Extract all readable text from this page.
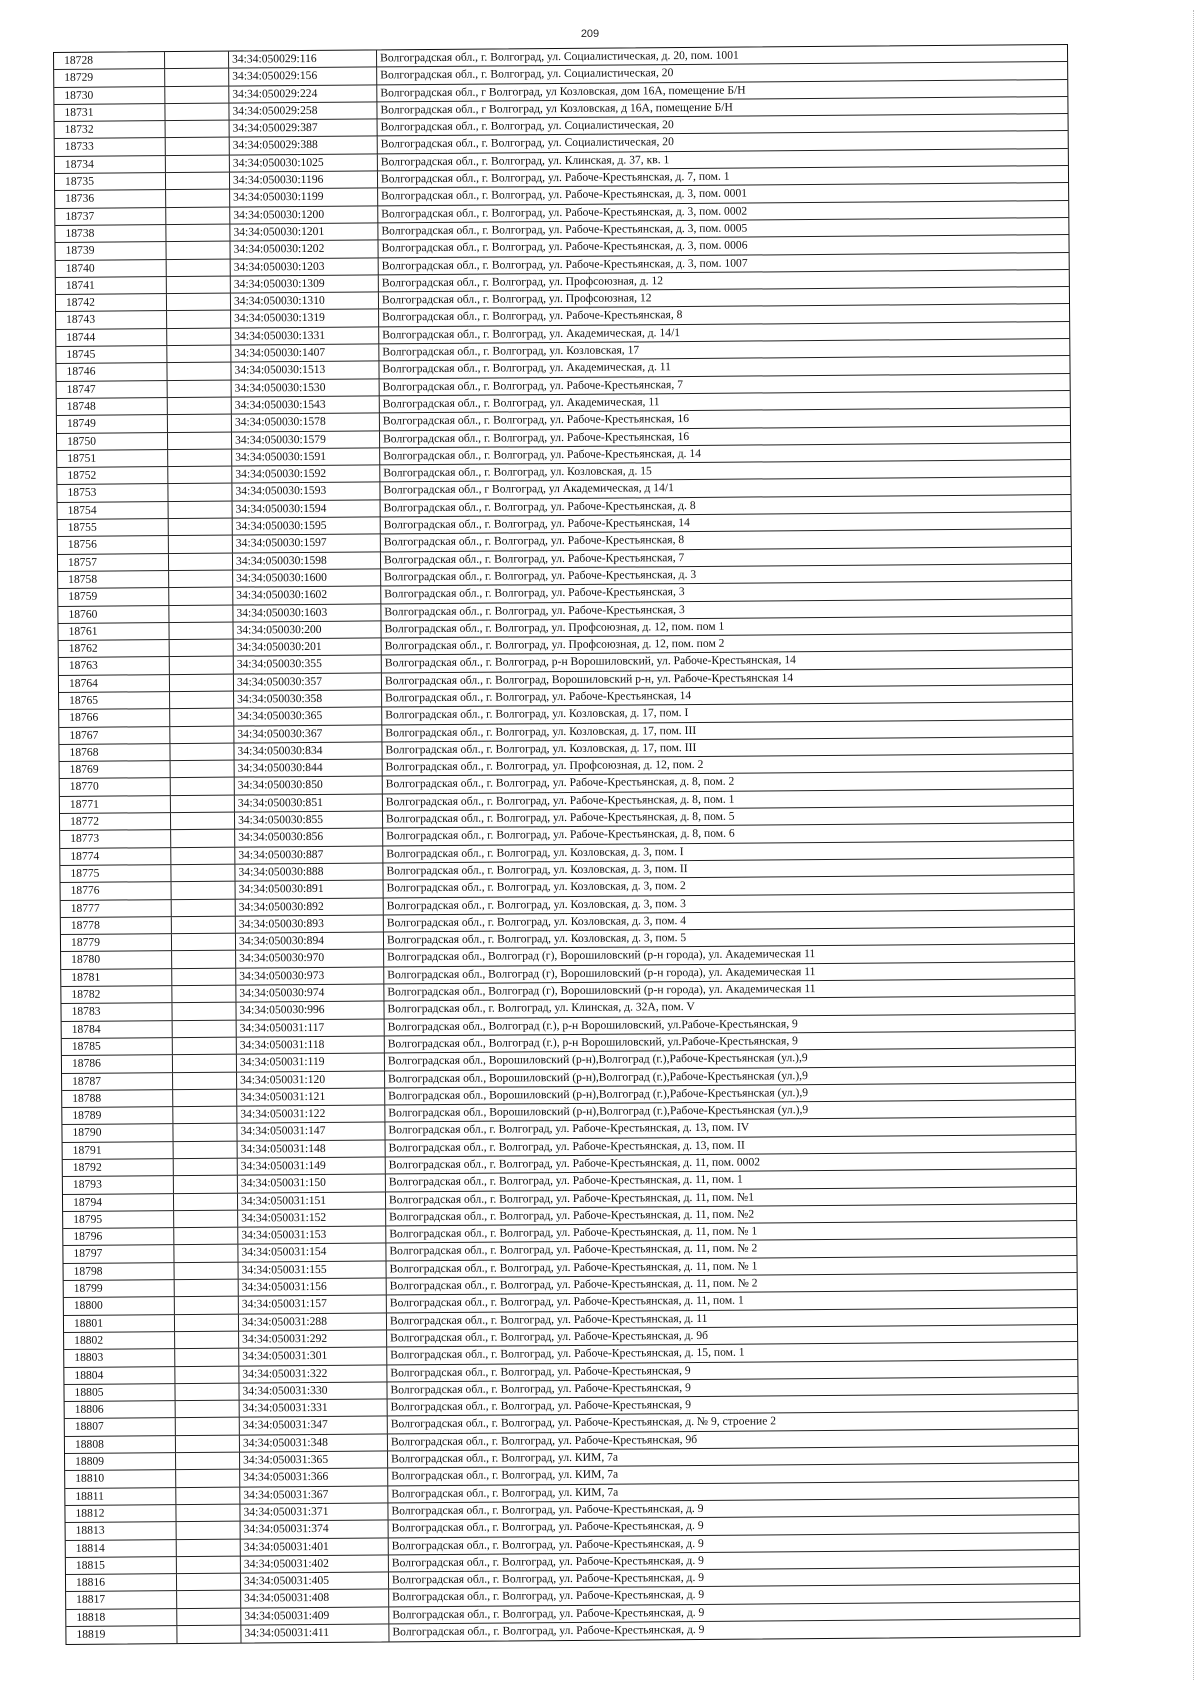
209
18728	34:34:050029:116	Волгоградская обл., г. Волгоград, ул. Социалистическая, д. 20, пом. 1001
18729	34:34:050029:156	Волгоградская обл., г. Волгоград, ул. Социалистическая, 20
18730	34:34:050029:224	Волгоградская обл., г Волгоград, ул Козловская, дом 16А, помещение Б/Н
18731	34:34:050029:258	Волгоградская обл., г Волгоград, ул Козловская, д 16А, помещение Б/Н
18732	34:34:050029:387	Волгоградская обл., г. Волгоград, ул. Социалистическая, 20
18733	34:34:050029:388	Волгоградская обл., г. Волгоград, ул. Социалистическая, 20
18734	34:34:050030:1025	Волгоградская обл., г. Волгоград, ул. Клинская, д. 37, кв. 1
18735	34:34:050030:1196	Волгоградская обл., г. Волгоград, ул. Рабоче-Крестьянская, д. 7, пом. 1
18736	34:34:050030:1199	Волгоградская обл., г. Волгоград, ул. Рабоче-Крестьянская, д. 3, пом. 0001
18737	34:34:050030:1200	Волгоградская обл., г. Волгоград, ул. Рабоче-Крестьянская, д. 3, пом. 0002
18738	34:34:050030:1201	Волгоградская обл., г. Волгоград, ул. Рабоче-Крестьянская, д. 3, пом. 0005
18739	34:34:050030:1202	Волгоградская обл., г. Волгоград, ул. Рабоче-Крестьянская, д. 3, пом. 0006
18740	34:34:050030:1203	Волгоградская обл., г. Волгоград, ул. Рабоче-Крестьянская, д. 3, пом. 1007
18741	34:34:050030:1309	Волгоградская обл., г. Волгоград, ул. Профсоюзная, д. 12
18742	34:34:050030:1310	Волгоградская обл., г. Волгоград, ул. Профсоюзная, 12
18743	34:34:050030:1319	Волгоградская обл., г. Волгоград, ул. Рабоче-Крестьянская, 8
18744	34:34:050030:1331	Волгоградская обл., г. Волгоград, ул. Академическая, д. 14/1
18745	34:34:050030:1407	Волгоградская обл., г. Волгоград, ул. Козловская, 17
18746	34:34:050030:1513	Волгоградская обл., г. Волгоград, ул. Академическая, д. 11
18747	34:34:050030:1530	Волгоградская обл., г. Волгоград, ул. Рабоче-Крестьянская, 7
18748	34:34:050030:1543	Волгоградская обл., г. Волгоград, ул. Академическая, 11
18749	34:34:050030:1578	Волгоградская обл., г. Волгоград, ул. Рабоче-Крестьянская, 16
18750	34:34:050030:1579	Волгоградская обл., г. Волгоград, ул. Рабоче-Крестьянская, 16
18751	34:34:050030:1591	Волгоградская обл., г. Волгоград, ул. Рабоче-Крестьянская, д. 14
18752	34:34:050030:1592	Волгоградская обл., г. Волгоград, ул. Козловская, д. 15
18753	34:34:050030:1593	Волгоградская обл., г Волгоград, ул Академическая, д 14/1
18754	34:34:050030:1594	Волгоградская обл., г. Волгоград, ул. Рабоче-Крестьянская, д. 8
18755	34:34:050030:1595	Волгоградская обл., г. Волгоград, ул. Рабоче-Крестьянская, 14
18756	34:34:050030:1597	Волгоградская обл., г. Волгоград, ул. Рабоче-Крестьянская, 8
18757	34:34:050030:1598	Волгоградская обл., г. Волгоград, ул. Рабоче-Крестьянская, 7
18758	34:34:050030:1600	Волгоградская обл., г. Волгоград, ул. Рабоче-Крестьянская, д. 3
18759	34:34:050030:1602	Волгоградская обл., г. Волгоград, ул. Рабоче-Крестьянская, 3
18760	34:34:050030:1603	Волгоградская обл., г. Волгоград, ул. Рабоче-Крестьянская, 3
18761	34:34:050030:200	Волгоградская обл., г. Волгоград, ул. Профсоюзная, д. 12, пом. пом 1
18762	34:34:050030:201	Волгоградская обл., г. Волгоград, ул. Профсоюзная, д. 12, пом. пом 2
18763	34:34:050030:355	Волгоградская обл., г. Волгоград, р-н Ворошиловский, ул. Рабоче-Крестьянская, 14
18764	34:34:050030:357	Волгоградская обл., г. Волгоград, Ворошиловский р-н, ул. Рабоче-Крестьянская 14
18765	34:34:050030:358	Волгоградская обл., г. Волгоград, ул. Рабоче-Крестьянская, 14
18766	34:34:050030:365	Волгоградская обл., г. Волгоград, ул. Козловская, д. 17, пом. I
18767	34:34:050030:367	Волгоградская обл., г. Волгоград, ул. Козловская, д. 17, пом. III
18768	34:34:050030:834	Волгоградская обл., г. Волгоград, ул. Козловская, д. 17, пом. III
18769	34:34:050030:844	Волгоградская обл., г. Волгоград, ул. Профсоюзная, д. 12, пом. 2
18770	34:34:050030:850	Волгоградская обл., г. Волгоград, ул. Рабоче-Крестьянская, д. 8, пом. 2
18771	34:34:050030:851	Волгоградская обл., г. Волгоград, ул. Рабоче-Крестьянская, д. 8, пом. 1
18772	34:34:050030:855	Волгоградская обл., г. Волгоград, ул. Рабоче-Крестьянская, д. 8, пом. 5
18773	34:34:050030:856	Волгоградская обл., г. Волгоград, ул. Рабоче-Крестьянская, д. 8, пом. 6
18774	34:34:050030:887	Волгоградская обл., г. Волгоград, ул. Козловская, д. 3, пом. I
18775	34:34:050030:888	Волгоградская обл., г. Волгоград, ул. Козловская, д. 3, пом. II
18776	34:34:050030:891	Волгоградская обл., г. Волгоград, ул. Козловская, д. 3, пом. 2
18777	34:34:050030:892	Волгоградская обл., г. Волгоград, ул. Козловская, д. 3, пом. 3
18778	34:34:050030:893	Волгоградская обл., г. Волгоград, ул. Козловская, д. 3, пом. 4
18779	34:34:050030:894	Волгоградская обл., г. Волгоград, ул. Козловская, д. 3, пом. 5
18780	34:34:050030:970	Волгоградская обл., Волгоград (г), Ворошиловский (р-н города), ул. Академическая 11
18781	34:34:050030:973	Волгоградская обл., Волгоград (г), Ворошиловский (р-н города), ул. Академическая 11
18782	34:34:050030:974	Волгоградская обл., Волгоград (г), Ворошиловский (р-н города), ул. Академическая 11
18783	34:34:050030:996	Волгоградская обл., г. Волгоград, ул. Клинская, д. 32А, пом. V
18784	34:34:050031:117	Волгоградская обл., Волгоград (г.), р-н Ворошиловский, ул.Рабоче-Крестьянская, 9
18785	34:34:050031:118	Волгоградская обл., Волгоград (г.), р-н Ворошиловский, ул.Рабоче-Крестьянская, 9
18786	34:34:050031:119	Волгоградская обл., Ворошиловский (р-н),Волгоград (г.),Рабоче-Крестьянская (ул.),9
18787	34:34:050031:120	Волгоградская обл., Ворошиловский (р-н),Волгоград (г.),Рабоче-Крестьянская (ул.),9
18788	34:34:050031:121	Волгоградская обл., Ворошиловский (р-н),Волгоград (г.),Рабоче-Крестьянская (ул.),9
18789	34:34:050031:122	Волгоградская обл., Ворошиловский (р-н),Волгоград (г.),Рабоче-Крестьянская (ул.),9
18790	34:34:050031:147	Волгоградская обл., г. Волгоград, ул. Рабоче-Крестьянская, д. 13, пом. IV
18791	34:34:050031:148	Волгоградская обл., г. Волгоград, ул. Рабоче-Крестьянская, д. 13, пом. II
18792	34:34:050031:149	Волгоградская обл., г. Волгоград, ул. Рабоче-Крестьянская, д. 11, пом. 0002
18793	34:34:050031:150	Волгоградская обл., г. Волгоград, ул. Рабоче-Крестьянская, д. 11, пом. 1
18794	34:34:050031:151	Волгоградская обл., г. Волгоград, ул. Рабоче-Крестьянская, д. 11, пом. №1
18795	34:34:050031:152	Волгоградская обл., г. Волгоград, ул. Рабоче-Крестьянская, д. 11, пом. №2
18796	34:34:050031:153	Волгоградская обл., г. Волгоград, ул. Рабоче-Крестьянская, д. 11, пом. № 1
18797	34:34:050031:154	Волгоградская обл., г. Волгоград, ул. Рабоче-Крестьянская, д. 11, пом. № 2
18798	34:34:050031:155	Волгоградская обл., г. Волгоград, ул. Рабоче-Крестьянская, д. 11, пом. № 1
18799	34:34:050031:156	Волгоградская обл., г. Волгоград, ул. Рабоче-Крестьянская, д. 11, пом. № 2
18800	34:34:050031:157	Волгоградская обл., г. Волгоград, ул. Рабоче-Крестьянская, д. 11, пом. 1
18801	34:34:050031:288	Волгоградская обл., г. Волгоград, ул. Рабоче-Крестьянская, д. 11
18802	34:34:050031:292	Волгоградская обл., г. Волгоград, ул. Рабоче-Крестьянская, д. 9б
18803	34:34:050031:301	Волгоградская обл., г. Волгоград, ул. Рабоче-Крестьянская, д. 15, пом. 1
18804	34:34:050031:322	Волгоградская обл., г. Волгоград, ул. Рабоче-Крестьянская, 9
18805	34:34:050031:330	Волгоградская обл., г. Волгоград, ул. Рабоче-Крестьянская, 9
18806	34:34:050031:331	Волгоградская обл., г. Волгоград, ул. Рабоче-Крестьянская, 9
18807	34:34:050031:347	Волгоградская обл., г. Волгоград, ул. Рабоче-Крестьянская, д. № 9, строение 2
18808	34:34:050031:348	Волгоградская обл., г. Волгоград, ул. Рабоче-Крестьянская, 9б
18809	34:34:050031:365	Волгоградская обл., г. Волгоград, ул. КИМ, 7а
18810	34:34:050031:366	Волгоградская обл., г. Волгоград, ул. КИМ, 7а
18811	34:34:050031:367	Волгоградская обл., г. Волгоград, ул. КИМ, 7а
18812	34:34:050031:371	Волгоградская обл., г. Волгоград, ул. Рабоче-Крестьянская, д. 9
18813	34:34:050031:374	Волгоградская обл., г. Волгоград, ул. Рабоче-Крестьянская, д. 9
18814	34:34:050031:401	Волгоградская обл., г. Волгоград, ул. Рабоче-Крестьянская, д. 9
18815	34:34:050031:402	Волгоградская обл., г. Волгоград, ул. Рабоче-Крестьянская, д. 9
18816	34:34:050031:405	Волгоградская обл., г. Волгоград, ул. Рабоче-Крестьянская, д. 9
18817	34:34:050031:408	Волгоградская обл., г. Волгоград, ул. Рабоче-Крестьянская, д. 9
18818	34:34:050031:409	Волгоградская обл., г. Волгоград, ул. Рабоче-Крестьянская, д. 9
18819	34:34:050031:411	Волгоградская обл., г. Волгоград, ул. Рабоче-Крестьянская, д. 9
